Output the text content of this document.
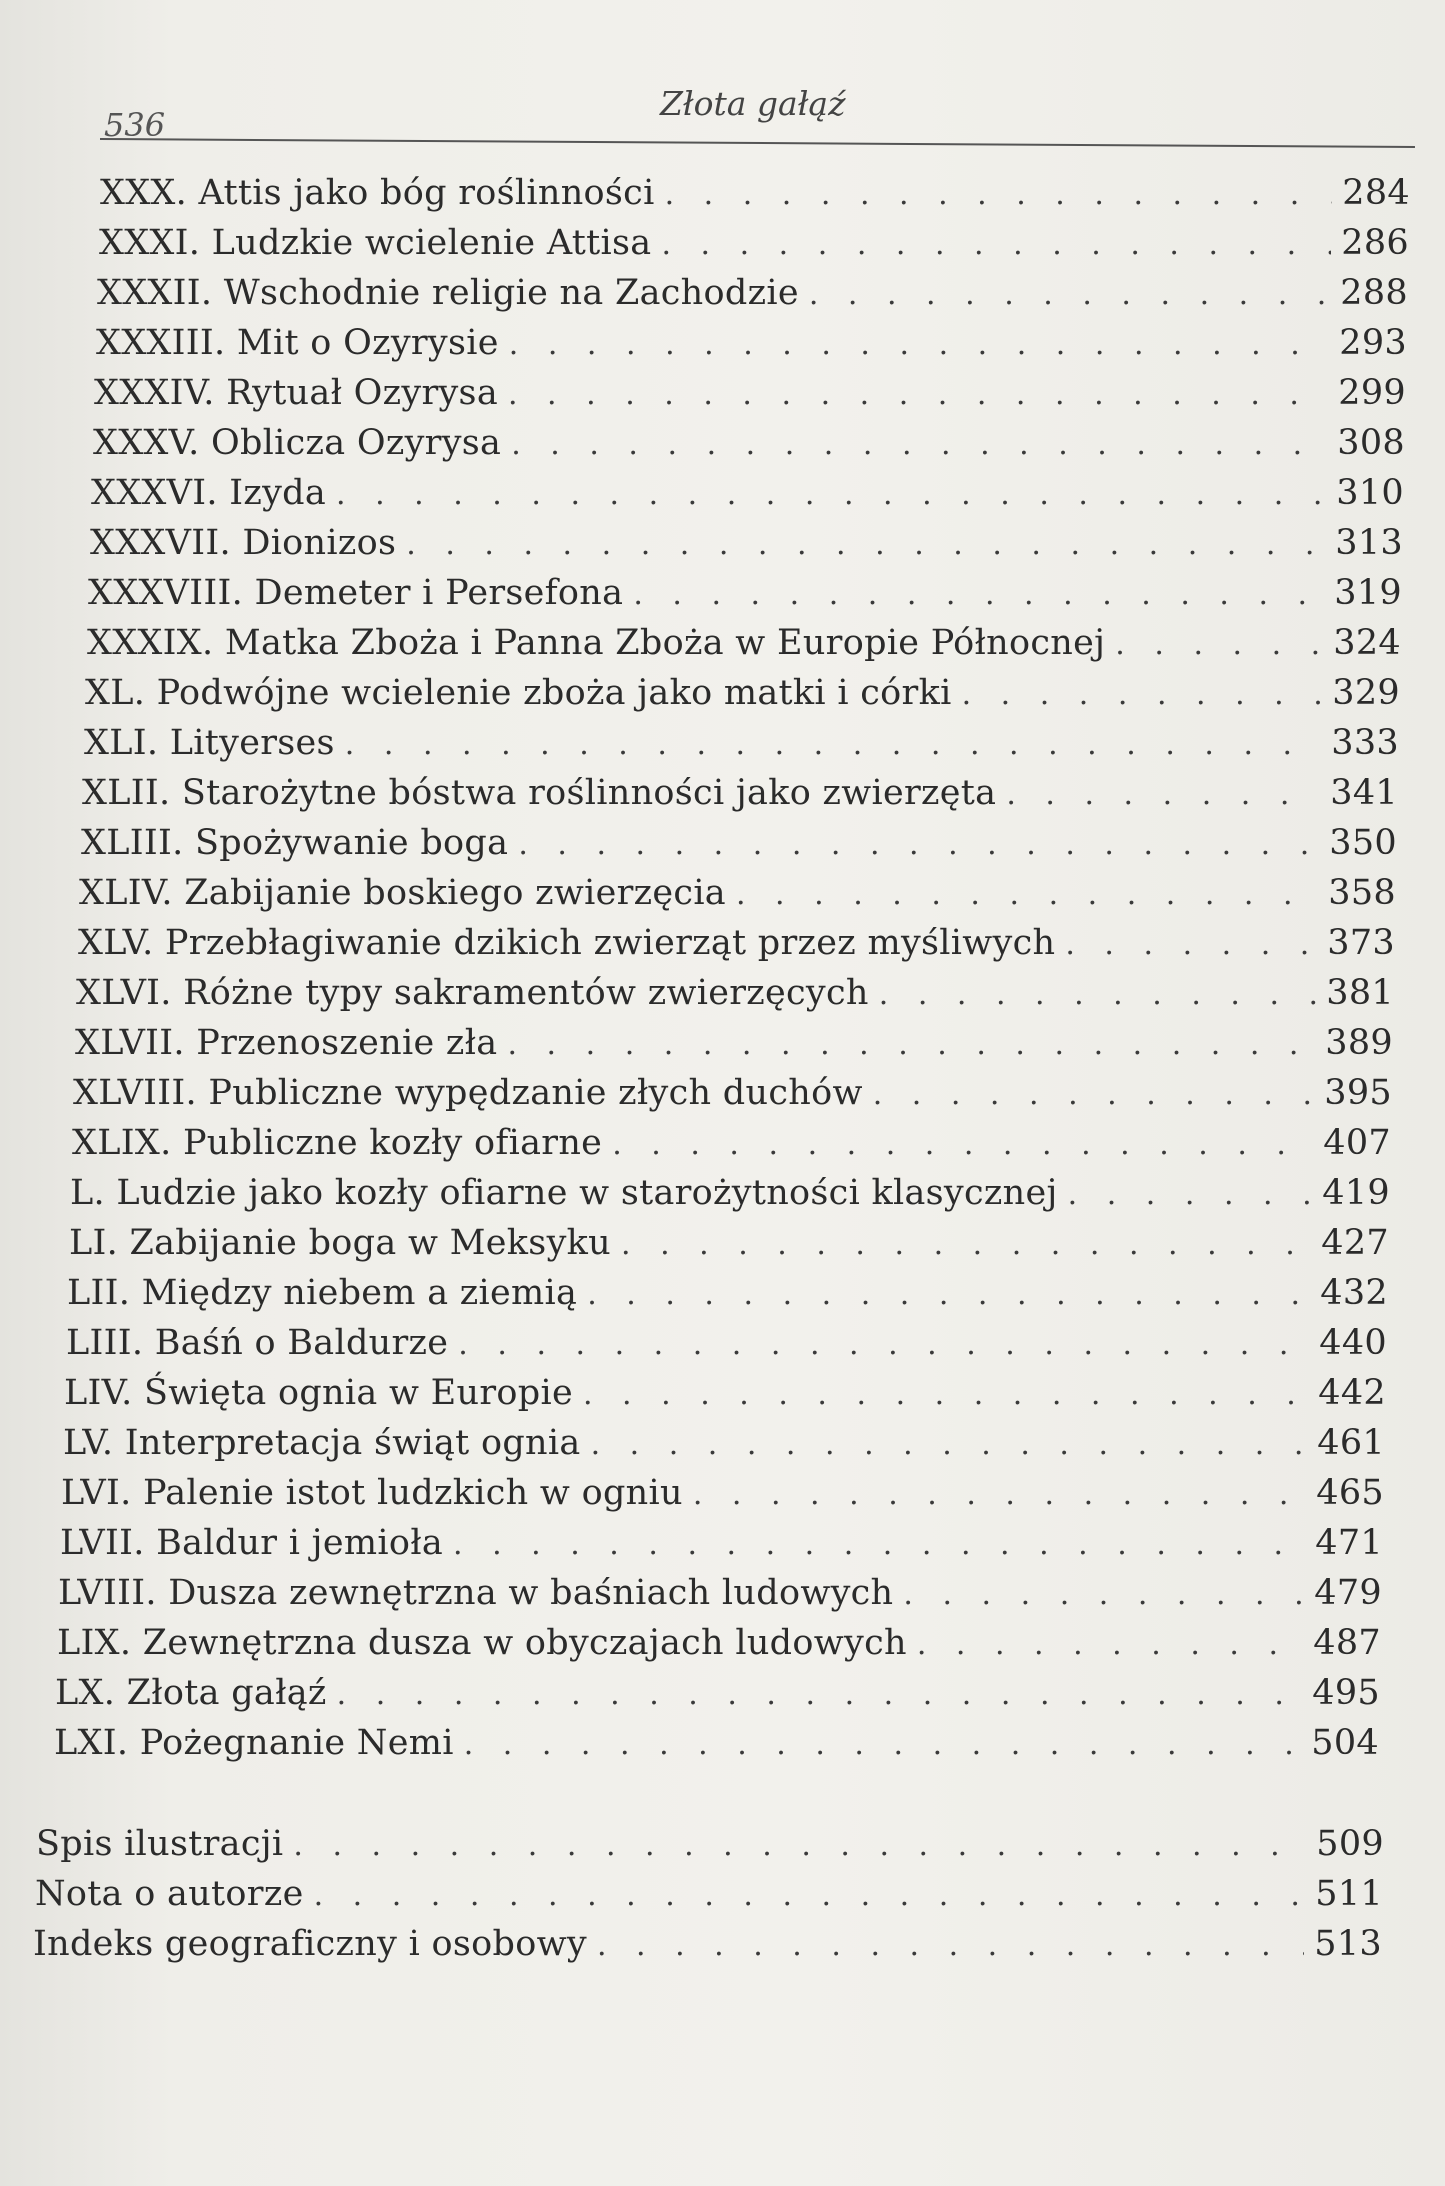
536
Złota gałąź
XXX. Attis jako bóg roślinności . . .	284
XXXI. Ludzkie wcielenie Attisa . . .	286
XXXII. Wschodnie religie na Zachodzie . . .	288
XXXIII. Mit o Ozyrysie . . .	293
XXXIV. Rytuał Ozyrysa . . .	299
XXXV. Oblicza Ozyrysa . . .	308
XXXVI. Izyda . . .	310
XXXVII. Dionizos . . .	313
XXXVIII. Demeter i Persefona . . .	319
XXXIX. Matka Zboża i Panna Zboża w Europie Północnej . . .	324
XL. Podwójne wcielenie zboża jako matki i córki . . .	329
XLI. Lityerses . . .	333
XLII. Starożytne bóstwa roślinności jako zwierzęta . . .	341
XLIII. Spożywanie boga . . .	350
XLIV. Zabijanie boskiego zwierzęcia . . .	358
XLV. Przebłagiwanie dzikich zwierząt przez myśliwych . . .	373
XLVI. Różne typy sakramentów zwierzęcych . . .	381
XLVII. Przenoszenie zła . . .	389
XLVIII. Publiczne wypędzanie złych duchów . . .	395
XLIX. Publiczne kozły ofiarne . . .	407
L. Ludzie jako kozły ofiarne w starożytności klasycznej . . .	419
LI. Zabijanie boga w Meksyku . . .	427
LII. Między niebem a ziemią . . .	432
LIII. Baśń o Baldurze . . .	440
LIV. Święta ognia w Europie . . .	442
LV. Interpretacja świąt ognia . . .	461
LVI. Palenie istot ludzkich w ogniu . . .	465
LVII. Baldur i jemioła . . .	471
LVIII. Dusza zewnętrzna w baśniach ludowych . . .	479
LIX. Zewnętrzna dusza w obyczajach ludowych . . .	487
LX. Złota gałąź . . .	495
LXI. Pożegnanie Nemi . . .	504
Spis ilustracji . . .	509
Nota o autorze . . .	511
Indeks geograficzny i osobowy . . .	513
